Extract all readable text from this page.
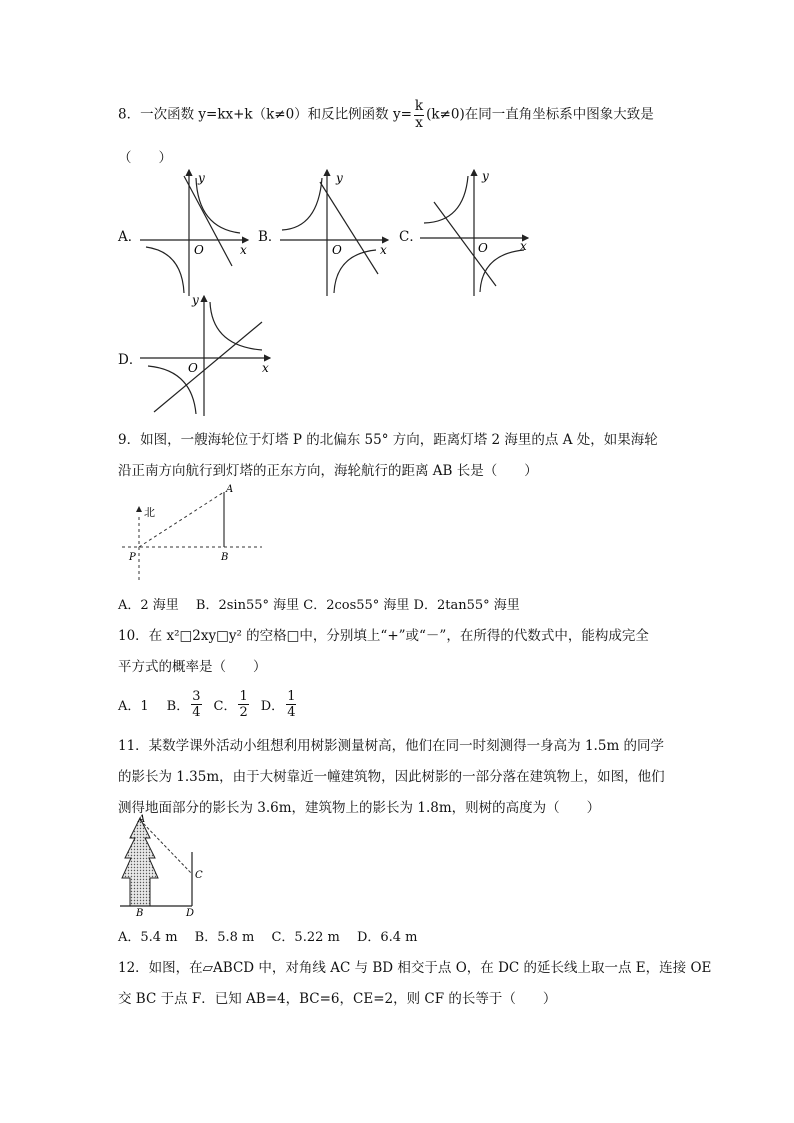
8．一次函数 y=kx+k（k≠0）和反比例函数 $y= \frac{k}{x} (k\ne 0)$在同一直角坐标系中图象大致是
（　　）
A．	B．	C．
D．
y
x
O
y
x
O
y
x
O
y
x
O
9．如图，一艘海轮位于灯塔 P 的北偏东 55° 方向，距离灯塔 2 海里的点 A 处，如果海轮
沿正南方向航行到灯塔的正东方向，海轮航行的距离 AB 长是（　　）
北
A
B
P
A．2 海里　 B．2sin55° 海里 C．2cos55° 海里 D．2tan55° 海里
10．在 x²□2xy□y² 的空格□中，分别填上“+”或“－”，在所得的代数式中，能构成完全
平方式的概率是（　　）
A．1 B． $\frac{3}{4}$ C． $\frac{1}{2}$ D． $\frac{1}{4}$
11．某数学课外活动小组想利用树影测量树高，他们在同一时刻测得一身高为 1.5m 的同学
的影长为 1.35m，由于大树靠近一幢建筑物，因此树影的一部分落在建筑物上，如图，他们
测得地面部分的影长为 3.6m，建筑物上的影长为 1.8m，则树的高度为（　　）
A
B
C
D
A．5.4 m　 B．5.8 m　 C．5.22 m　 D．6.4 m
12．如图，在▱ABCD 中，对角线 AC 与 BD 相交于点 O，在 DC 的延长线上取一点 E，连接 OE
交 BC 于点 F．已知 AB=4，BC=6，CE=2，则 CF 的长等于（　　）
